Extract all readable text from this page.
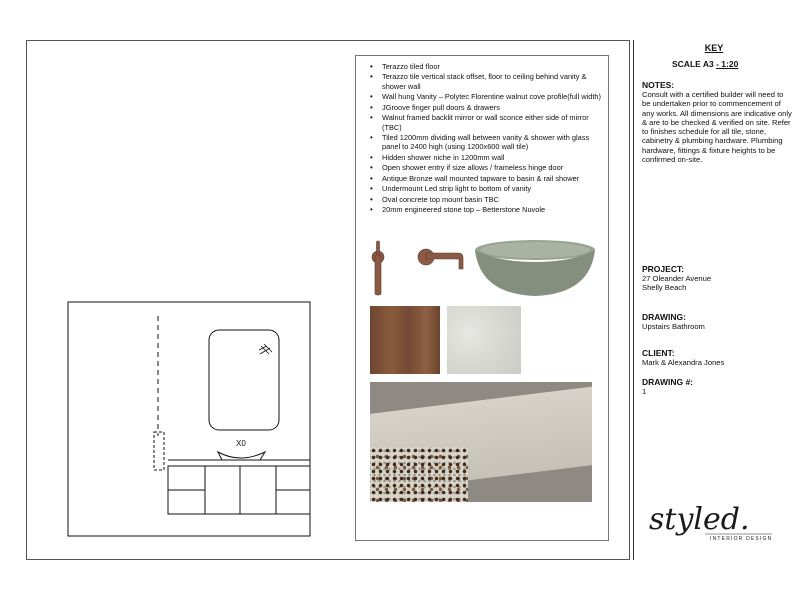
X0
• Terazzo tiled floor
• Terazzo tile vertical stack offset, floor to ceiling behind vanity & shower wall
• Wall hung Vanity – Polytec Florentine walnut cove profile(full width)
• JGroove finger pull doors & drawers
• Walnut framed backlit mirror or wall sconce either side of mirror (TBC)
• Tiled 1200mm dividing wall between vanity & shower with glass panel to 2400 high (using 1200x600 wall tile)
• Hidden shower niche in 1200mm wall
• Open shower entry if size allows / frameless hinge door
• Antique Bronze wall mounted tapware to basin & rail shower
• Undermount Led strip light to bottom of vanity
• Oval concrete top mount basin TBC
• 20mm engineered stone top – Betterstone Nuvole
KEY
SCALE A3 - 1:20
NOTES:
Consult with a certified builder will need to be undertaken prior to commencement of any works. All dimensions are indicative only & are to be checked & verified on site. Refer to finishes schedule for all tile, stone, cabinetry & plumbing hardware. Plumbing hardware, fittings & fixture heights to be confirmed on-site.
PROJECT:
27 Oleander Avenue
Shelly Beach
DRAWING:
Upstairs Bathroom
CLIENT:
Mark & Alexandra Jones
DRAWING #:
1
styled.
INTERIOR DESIGN
